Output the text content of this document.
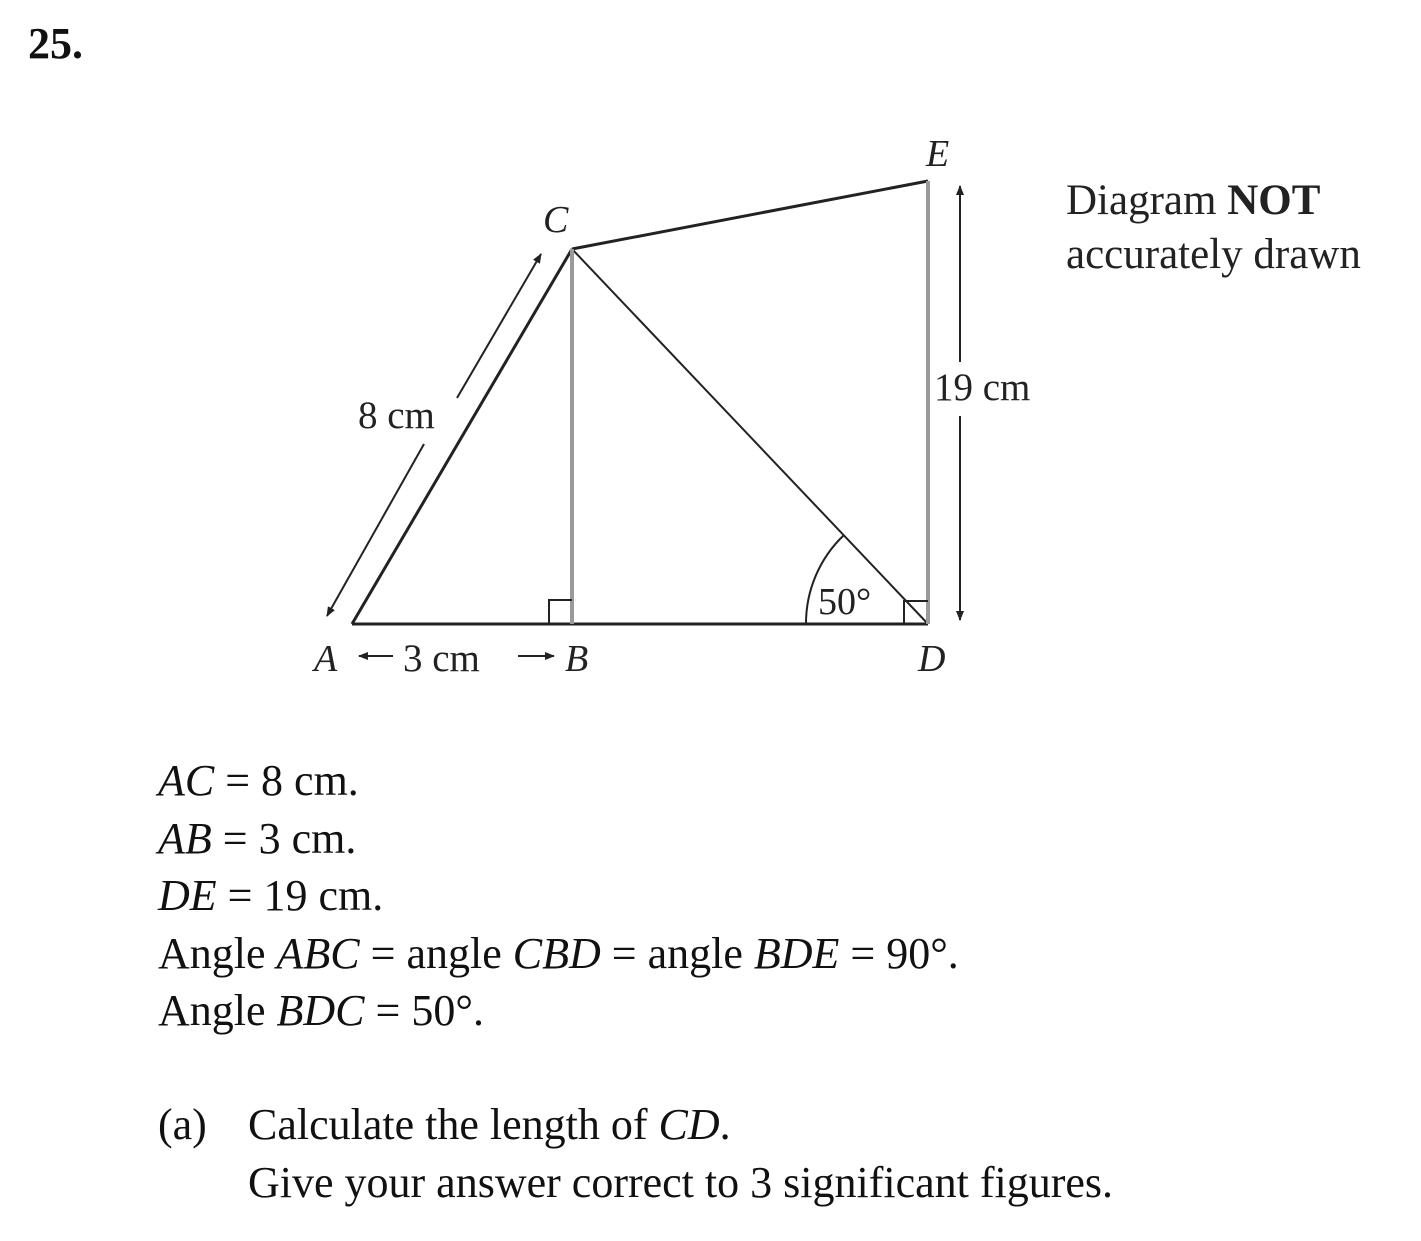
25.
A	B
C
D
E
8 cm
3 cm
19 cm
50°
Diagram NOT
accurately drawn
AC = 8 cm.
AB = 3 cm.
DE = 19 cm.
Angle ABC = angle CBD = angle BDE = 90°.
Angle BDC = 50°.
(a) Calculate the length of CD.
Give your answer correct to 3 significant figures.
